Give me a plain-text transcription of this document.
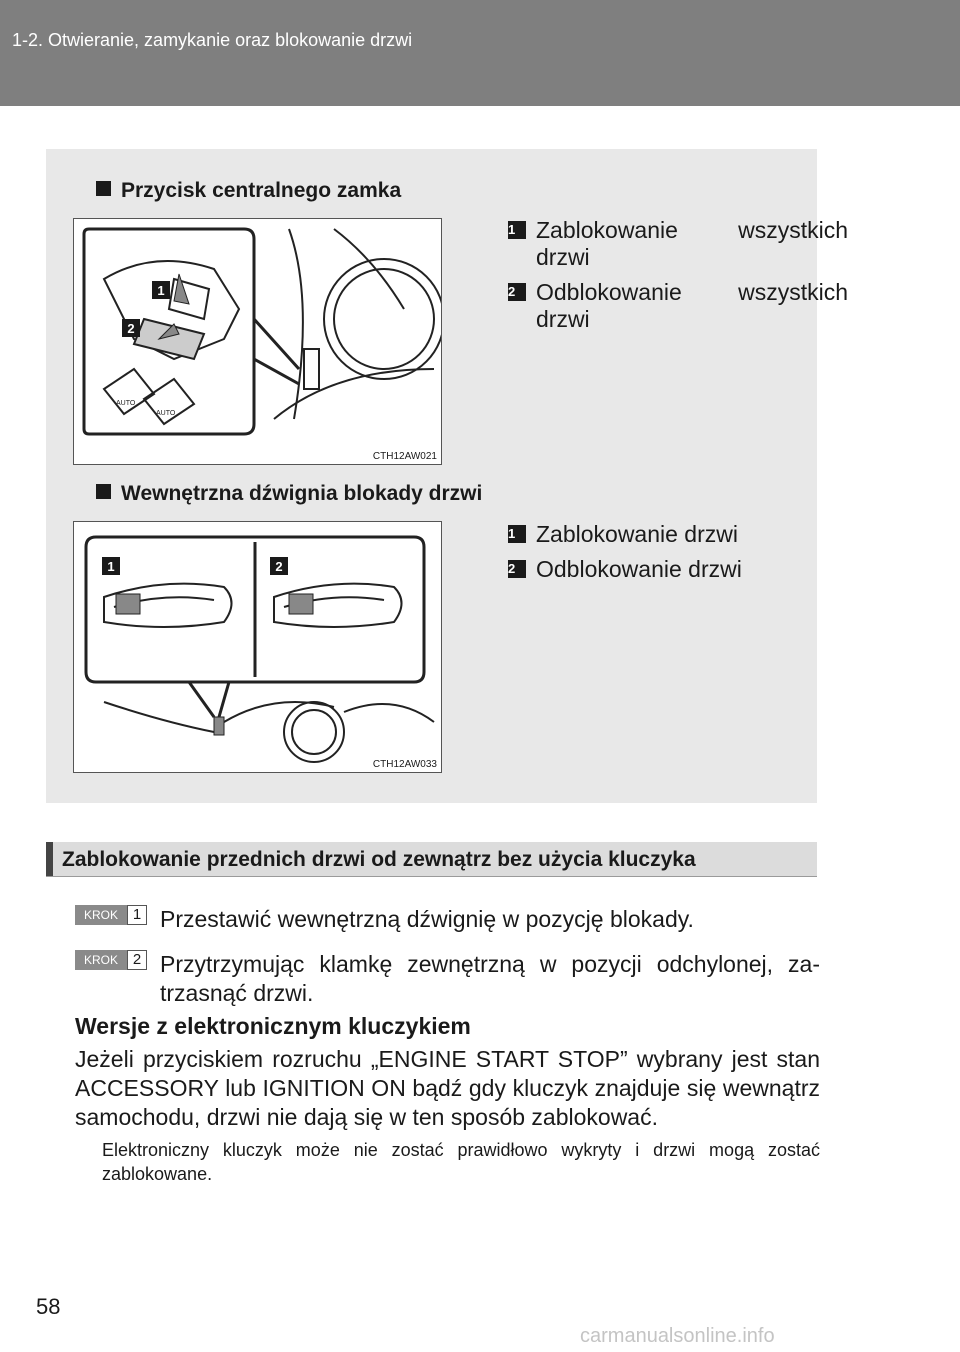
1-2. Otwieranie, zamykanie oraz blokowanie drzwi
Przycisk centralnego zamka
1
2
AUTO
AUTO
CTH12AW021
1 Zablokowanie wszystkich drzwi
2 Odblokowanie wszystkich drzwi
Wewnętrzna dźwignia blokady drzwi
1	2
CTH12AW033
1 Zablokowanie drzwi
2 Odblokowanie drzwi
Zablokowanie przednich drzwi od zewnątrz bez użycia kluczyka
KROK 1 Przestawić wewnętrzną dźwignię w pozycję blokady.
KROK 2 Przytrzymując klamkę zewnętrzną w pozycji odchylonej, za-trzasnąć drzwi.
Wersje z elektronicznym kluczykiem
Jeżeli przyciskiem rozruchu „ENGINE START STOP” wybrany jest stan ACCESSORY lub IGNITION ON bądź gdy kluczyk znajduje się wewnątrz samochodu, drzwi nie dają się w ten sposób zablokować.
Elektroniczny kluczyk może nie zostać prawidłowo wykryty i drzwi mogą zostać zablokowane.
58
carmanualsonline.info
